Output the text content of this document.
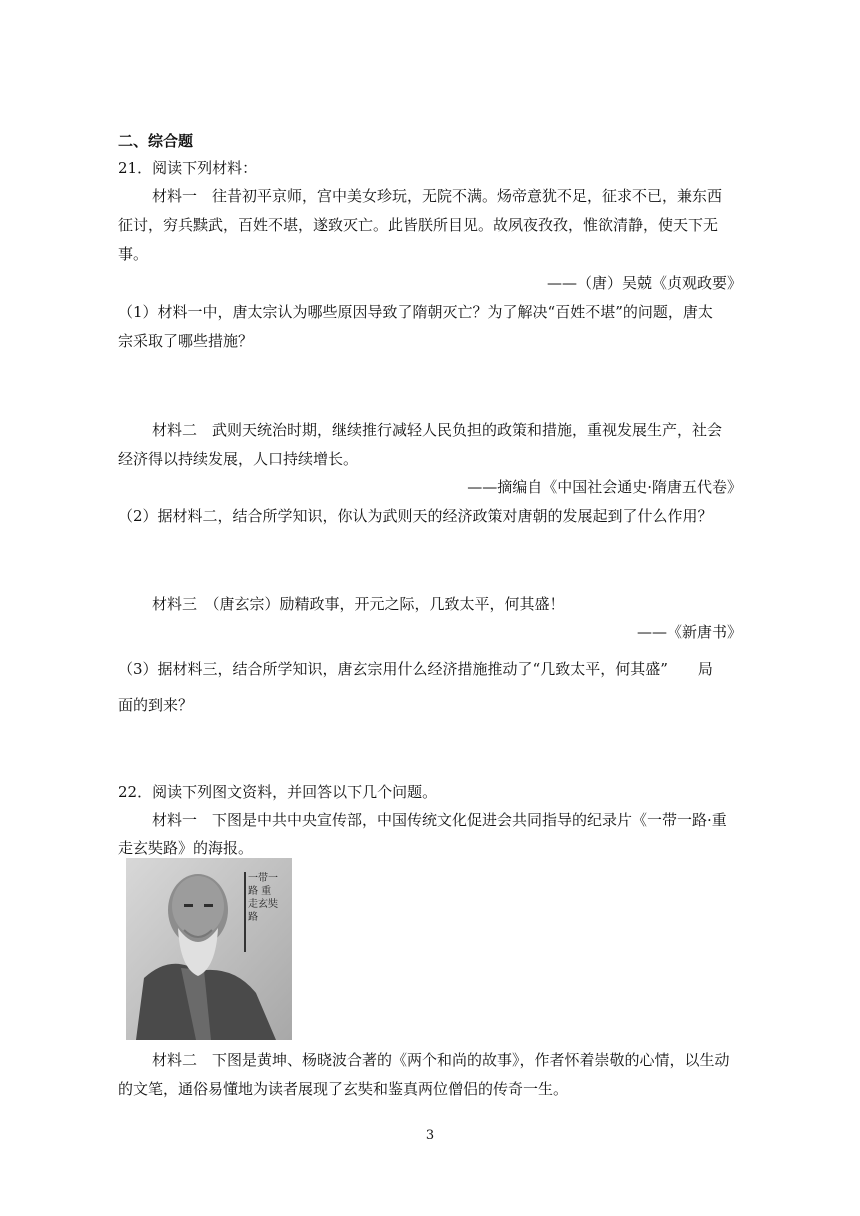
二、综合题
21．阅读下列材料：
材料一　往昔初平京师，宫中美女珍玩，无院不满。炀帝意犹不足，征求不已，兼东西
征讨，穷兵黩武，百姓不堪，遂致灭亡。此皆朕所目见。故夙夜孜孜，惟欲清静，使天下无
事。
——（唐）吴兢《贞观政要》
（1）材料一中，唐太宗认为哪些原因导致了隋朝灭亡？为了解决“百姓不堪”的问题，唐太
宗采取了哪些措施？
材料二　武则天统治时期，继续推行减轻人民负担的政策和措施，重视发展生产，社会
经济得以持续发展，人口持续增长。
——摘编自《中国社会通史·隋唐五代卷》
（2）据材料二，结合所学知识，你认为武则天的经济政策对唐朝的发展起到了什么作用？
材料三　（唐玄宗）励精政事，开元之际，几致太平，何其盛！
——《新唐书》
（3）据材料三，结合所学知识，唐玄宗用什么经济措施推动了“几致太平，何其盛”　　局
面的到来？
22．阅读下列图文资料，并回答以下几个问题。
材料一　下图是中共中央宣传部，中国传统文化促进会共同指导的纪录片《一带一路·重
走玄奘路》的海报。
一带一路 重走玄奘路
材料二　下图是黄坤、杨晓波合著的《两个和尚的故事》，作者怀着崇敬的心情，以生动
的文笔，通俗易懂地为读者展现了玄奘和鉴真两位僧侣的传奇一生。
3
